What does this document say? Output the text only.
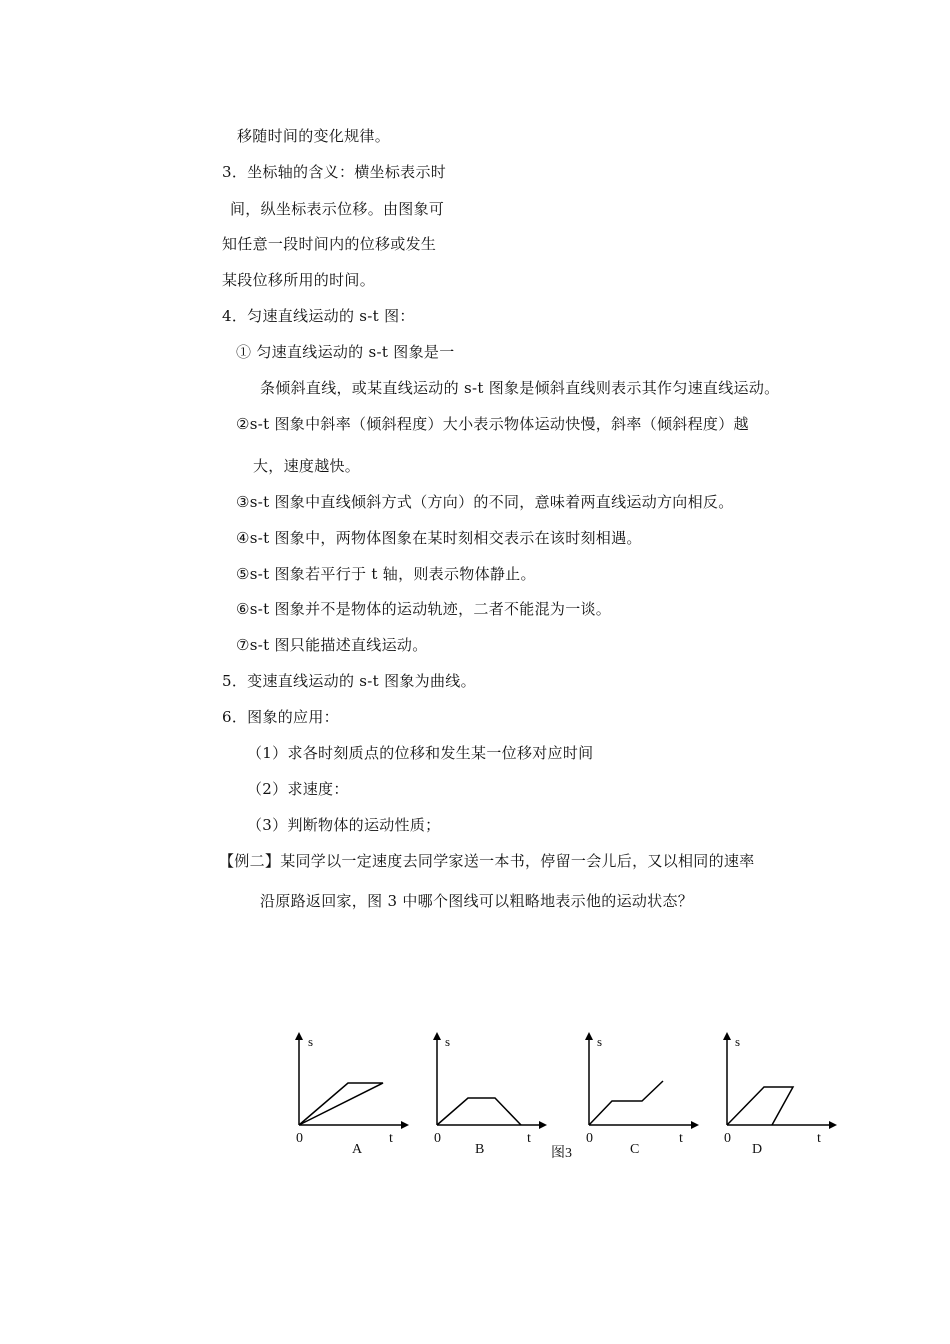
移随时间的变化规律。
3．坐标轴的含义：横坐标表示时
间，纵坐标表示位移。由图象可
知任意一段时间内的位移或发生
某段位移所用的时间。
4．匀速直线运动的 s-t 图：
① 匀速直线运动的 s-t 图象是一
条倾斜直线，或某直线运动的 s-t 图象是倾斜直线则表示其作匀速直线运动。
②s-t 图象中斜率（倾斜程度）大小表示物体运动快慢，斜率（倾斜程度）越
大，速度越快。
③s-t 图象中直线倾斜方式（方向）的不同，意味着两直线运动方向相反。
④s-t 图象中，两物体图象在某时刻相交表示在该时刻相遇。
⑤s-t 图象若平行于 t 轴，则表示物体静止。
⑥s-t 图象并不是物体的运动轨迹，二者不能混为一谈。
⑦s-t 图只能描述直线运动。
5．变速直线运动的 s-t 图象为曲线。
6．图象的应用：
（1）求各时刻质点的位移和发生某一位移对应时间
（2）求速度：
（3）判断物体的运动性质；
【例二】某同学以一定速度去同学家送一本书，停留一会儿后，又以相同的速率
沿原路返回家，图 3 中哪个图线可以粗略地表示他的运动状态？
s
0	t
A
s
0	t
B
s
0	t
C
s
0	t
D
图3
